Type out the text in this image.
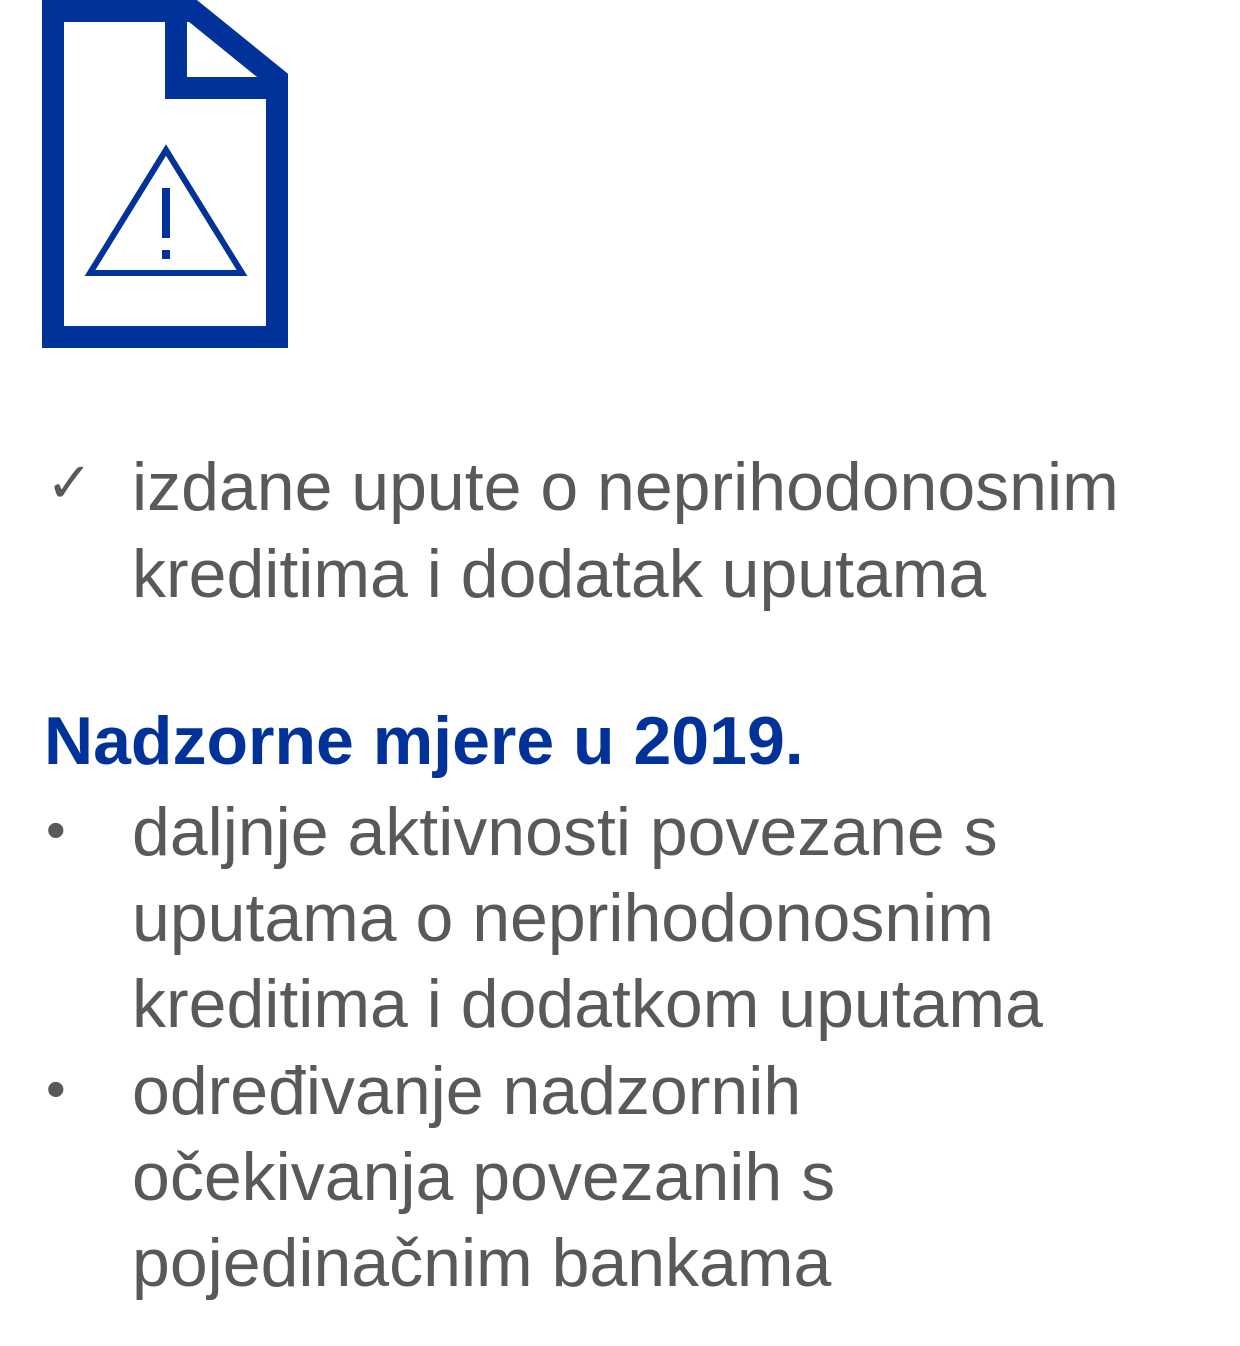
✓ izdane upute o neprihodonosnim
kreditima i dodatak uputama
Nadzorne mjere u 2019.
• daljnje aktivnosti povezane s
uputama o neprihodonosnim
kreditima i dodatkom uputama
• određivanje nadzornih
očekivanja povezanih s
pojedinačnim bankama
